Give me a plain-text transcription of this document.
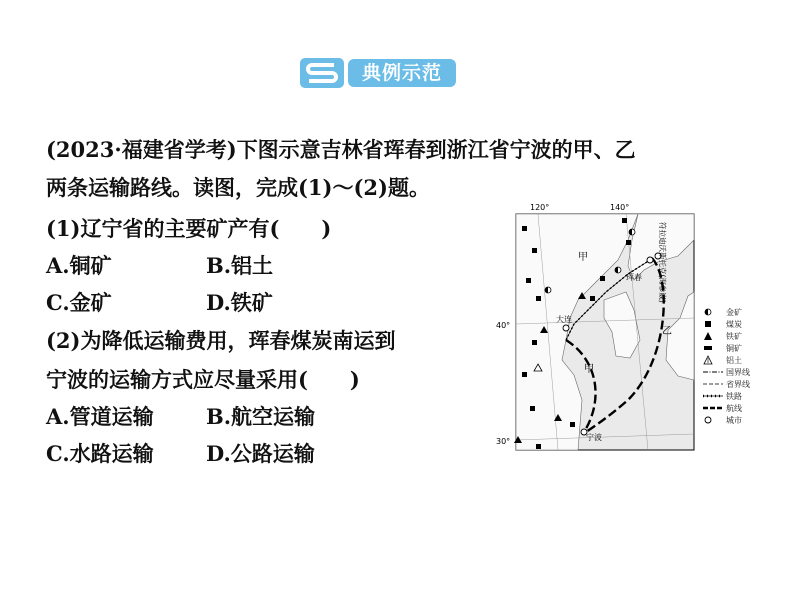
典例示范
(2023·福建省学考)下图示意吉林省珲春到浙江省宁波的甲、乙
两条运输路线。读图，完成(1)～(2)题。
(1)辽宁省的主要矿产有(　　)
A.铜矿	B.铝土
C.金矿	D.铁矿
(2)为降低运输费用，珲春煤炭南运到
宁波的运输方式应尽量采用(　　)
A.管道运输 B.航空运输
C.水路运输 D.公路运输
120°	140°
40°
30°
大连
珲春
宁波
甲
甲
乙
符拉迪沃斯托克(海参崴)
金矿
煤炭
铁矿
铜矿
铝土
国界线
省界线
铁路
航线
城市
